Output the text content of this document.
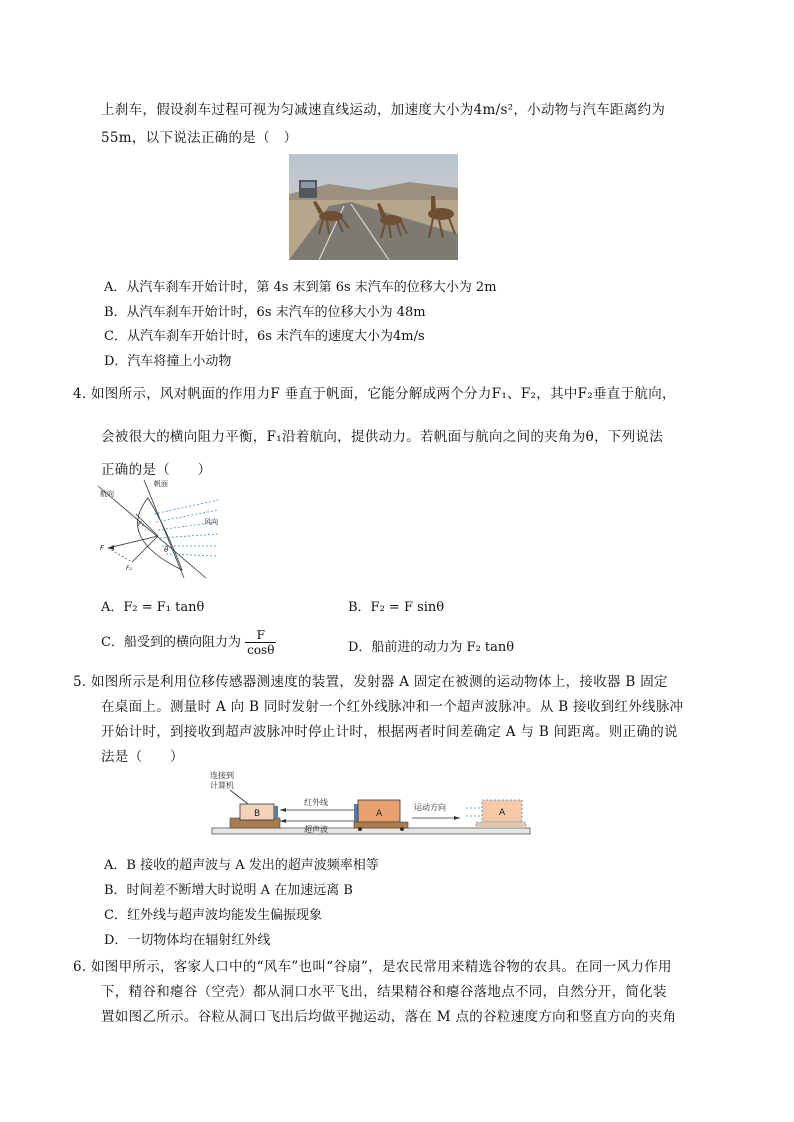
上刹车，假设刹车过程可视为匀减速直线运动，加速度大小为4m/s²，小动物与汽车距离约为
55m，以下说法正确的是（　）
A．从汽车刹车开始计时，第 4s 末到第 6s 末汽车的位移大小为 2m
B．从汽车刹车开始计时，6s 末汽车的位移大小为 48m
C．从汽车刹车开始计时，6s 末汽车的速度大小为4m/s
D．汽车将撞上小动物
4．
如图所示，风对帆面的作用力F 垂直于帆面，它能分解成两个分力F₁、F₂，其中F₂垂直于航向，
会被很大的横向阻力平衡，F₁沿着航向，提供动力。若帆面与航向之间的夹角为θ，下列说法
正确的是（　　）
航向
帆面
风向
F
F₁
F₂
θ
A．F₂ = F₁ tanθ	B．F₂ = F sinθ
C．船受到的横向阻力为 $\frac{F}{\cos\theta}$	D．船前进的动力为 F₂ tanθ
5．
如图所示是利用位移传感器测速度的装置，发射器 A 固定在被测的运动物体上，接收器 B 固定
在桌面上。测量时 A 向 B 同时发射一个红外线脉冲和一个超声波脉冲。从 B 接收到红外线脉冲
开始计时，到接收到超声波脉冲时停止计时，根据两者时间差确定 A 与 B 间距离。则正确的说
法是（　　）
连接到
计算机
B
红外线
超声波
A
运动方向
A
A．B 接收的超声波与 A 发出的超声波频率相等
B．时间差不断增大时说明 A 在加速远离 B
C．红外线与超声波均能发生偏振现象
D．一切物体均在辐射红外线
6．
如图甲所示，客家人口中的“风车”也叫“谷扇”，是农民常用来精选谷物的农具。在同一风力作用
下，精谷和瘪谷（空壳）都从洞口水平飞出，结果精谷和瘪谷落地点不同，自然分开，简化装
置如图乙所示。谷粒从洞口飞出后均做平抛运动，落在 M 点的谷粒速度方向和竖直方向的夹角
